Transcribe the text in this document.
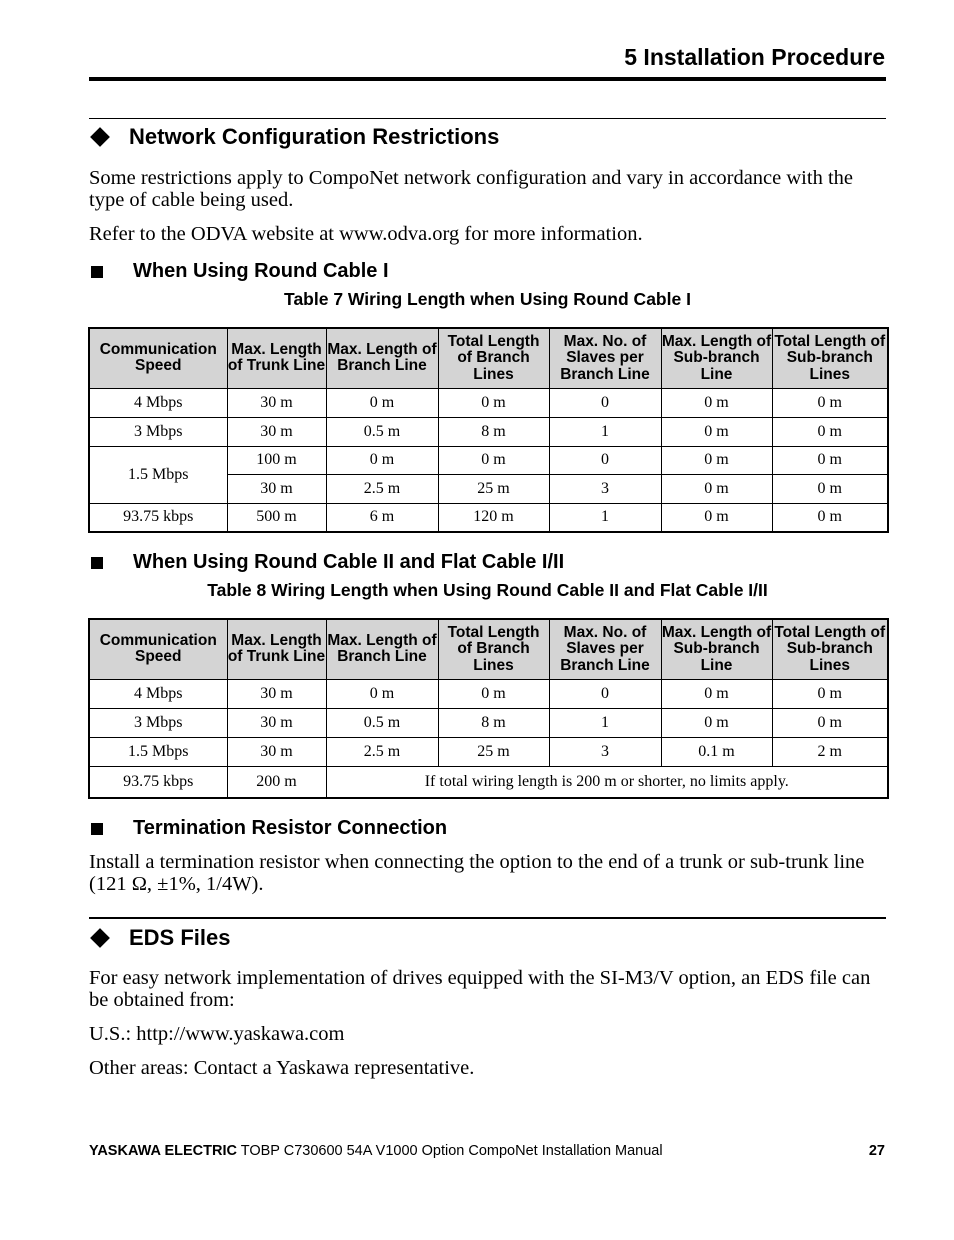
5 Installation Procedure
Network Configuration Restrictions
Some restrictions apply to CompoNet network configuration and vary in accordance with the type of cable being used.
Refer to the ODVA website at www.odva.org for more information.
When Using Round Cable I
Table 7 Wiring Length when Using Round Cable I
Communication Speed	Max. Length of Trunk Line	Max. Length of Branch Line	Total Length of Branch Lines	Max. No. of Slaves per Branch Line	Max. Length of Sub-branch Line	Total Length of Sub-branch Lines
4 Mbps	30 m	0 m	0 m	0	0 m	0 m
3 Mbps	30 m	0.5 m	8 m	1	0 m	0 m
1.5 Mbps	100 m	0 m	0 m	0	0 m	0 m
	30 m	2.5 m	25 m	3	0 m	0 m
93.75 kbps	500 m	6 m	120 m	1	0 m	0 m
When Using Round Cable II and Flat Cable I/II
Table 8 Wiring Length when Using Round Cable II and Flat Cable I/II
Communication Speed	Max. Length of Trunk Line	Max. Length of Branch Line	Total Length of Branch Lines	Max. No. of Slaves per Branch Line	Max. Length of Sub-branch Line	Total Length of Sub-branch Lines
4 Mbps	30 m	0 m	0 m	0	0 m	0 m
3 Mbps	30 m	0.5 m	8 m	1	0 m	0 m
1.5 Mbps	30 m	2.5 m	25 m	3	0.1 m	2 m
93.75 kbps	200 m	If total wiring length is 200 m or shorter, no limits apply.				
Termination Resistor Connection
Install a termination resistor when connecting the option to the end of a trunk or sub-trunk line (121 Ω, ±1%, 1/4W).
EDS Files
For easy network implementation of drives equipped with the SI-M3/V option, an EDS file can be obtained from:
U.S.: http://www.yaskawa.com
Other areas: Contact a Yaskawa representative.
YASKAWA ELECTRIC TOBP C730600 54A V1000 Option CompoNet Installation Manual	27
